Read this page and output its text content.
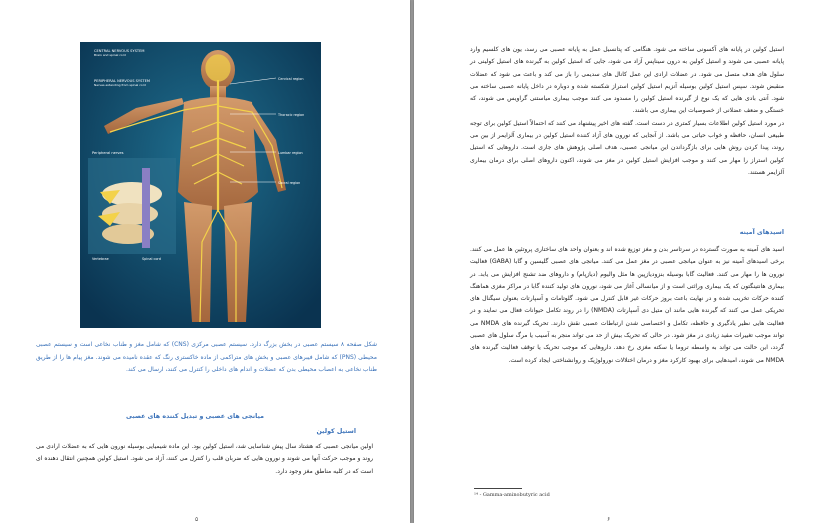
CENTRAL NERVOUS SYSTEM
Brain and spinal cord
PERIPHERAL NERVOUS SYSTEM
Nerves extending from spinal cord
Cervical region
Thoracic region
Lumbar region
Sacral region
Peripheral nerves
Vertebrae	Spinal cord

شکل صفحه ۸ سیستم عصبی در بخش بزرگ دارد. سیستم عصبی مرکزی (CNS) که شامل مغز و طناب نخاعی است و سیستم عصبی محیطی (PNS) که شامل فیبرهای عصبی و بخش های متراکمی از ماده خاکستری رنگ که عقده نامیده می شوند. مغز پیام ها را از طریق طناب نخاعی به اعصاب محیطی بدن که عضلات و اندام های داخلی را کنترل می کنند، ارسال می کند.

میانجی های عصبی و تبدیل کننده های عصبی
استیل کولین

اولین میانجی عصبی که هشتاد سال پیش شناسایی شد، استیل کولین بود. این ماده شیمیایی بوسیله نورون هایی که به عضلات ارادی می روند و موجب حرکت آنها می شوند و نورون هایی که ضربان قلب را کنترل می کنند، آزاد می شود. استیل کولین همچنین انتقال دهنده ای است که در کلیه مناطق مغز وجود دارد.

۵

استیل کولین در پایانه های آکسونی ساخته می شود. هنگامی که پتانسیل عمل به پایانه عصبی می رسد، یون های کلسیم وارد پایانه عصبی می شوند و استیل کولین به درون سیناپس آزاد می شود، جایی که استیل کولین به گیرنده های استیل کولینی در سلول های هدف متصل می شود. در عضلات ارادی این عمل کانال های سدیمی را باز می کند و باعث می شود که عضلات منقبض شوند. سپس استیل کولین بوسیله آنزیم استیل کولین استراز شکسته شده و دوباره در داخل پایانه عصبی ساخته می شود. آنتی بادی هایی که یک نوع از گیرنده استیل کولین را مسدود می کنند موجب بیماری میاستنی گراویس می شوند، که خستگی و ضعف عضلانی از خصوصیات این بیماری می باشند.
در مورد استیل کولین اطلاعات بسیار کمتری در دست است. گفته های اخیر پیشنهاد می کنند که احتمالاً استیل کولین برای توجه طبیعی انسان، حافظه و خواب حیاتی می باشد. از آنجایی که نورون های آزاد کننده استیل کولین در بیماری آلزایمر از بین می روند، پیدا کردن روش هایی برای بازگرداندن این میانجی عصبی، هدف اصلی پژوهش های جاری است. داروهایی که استیل کولین استراز را مهار می کنند و موجب افزایش استیل کولین در مغز می شوند، اکنون داروهای اصلی برای درمان بیماری آلزایمر هستند.

اسیدهای آمینه

اسید های آمینه به صورت گسترده در سرتاسر بدن و مغز توزیع شده اند و بعنوان واحد های ساختاری پروتئین ها عمل می کنند. برخی اسیدهای آمینه نیز به عنوان میانجی عصبی در مغز عمل می کنند. میانجی های عصبی گلیسین و گابا (GABA) فعالیت نورون ها را مهار می کنند. فعالیت گابا بوسیله بنزودیازپین ها مثل والیوم (دیازپام) و داروهای ضد تشنج افزایش می یابد. در بیماری هانتینگتون که یک بیماری وراثتی است و از میانسالی آغاز می شود، نورون های تولید کننده گابا در مراکز مغزی هماهنگ کننده حرکات تخریب شده و در نهایت باعث بروز حرکات غیر قابل کنترل می شود. گلوتامات و آسپارتات بعنوان سیگنال های تحریکی عمل می کنند که گیرنده هایی مانند ان متیل دی آسپارتات (NMDA) را در روند تکامل حیوانات فعال می نمایند و در فعالیت هایی نظیر یادگیری و حافظه، تکامل و اختصاصی شدن ارتباطات عصبی نقش دارند. تحریک گیرنده های NMDA می تواند موجب تغییرات مفید زیادی در مغز شود. در حالی که تحریک بیش از حد می تواند منجر به آسیب یا مرگ سلول های عصبی گردد، این حالت می تواند به واسطه تروما یا سکته مغزی رخ دهد. داروهایی که موجب تحریک یا توقف فعالیت گیرنده های NMDA می شوند، امیدهایی برای بهبود کارکرد مغز و درمان اختلالات نورولوژیک و روانشناختی ایجاد کرده است.

¹⁴ - Gamma-aminobutyric acid
۶
